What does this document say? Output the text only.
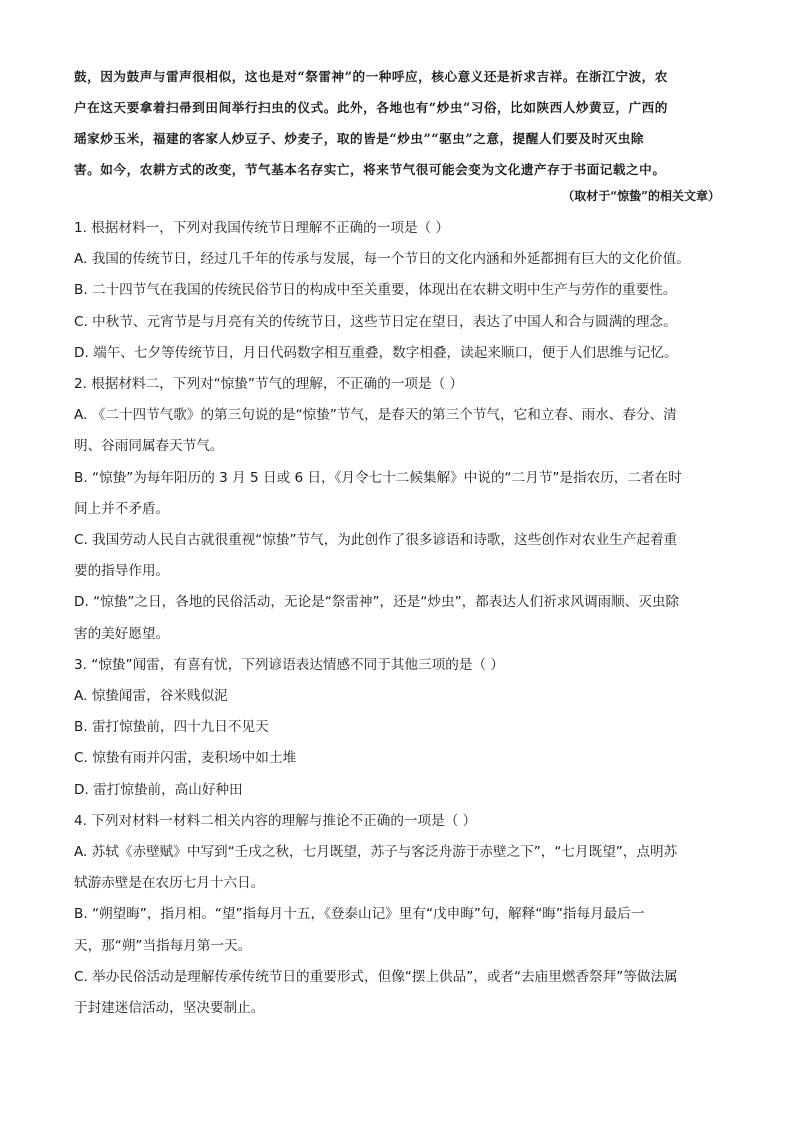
鼓，因为鼓声与雷声很相似，这也是对“祭雷神”的一种呼应，核心意义还是祈求吉祥。在浙江宁波，农
户在这天要拿着扫帚到田间举行扫虫的仪式。此外，各地也有“炒虫”习俗，比如陕西人炒黄豆，广西的
瑶家炒玉米，福建的客家人炒豆子、炒麦子，取的皆是“炒虫”“驱虫”之意，提醒人们要及时灭虫除
害。如今，农耕方式的改变，节气基本名存实亡，将来节气很可能会变为文化遗产存于书面记载之中。
（取材于“惊蛰”的相关文章）
1. 根据材料一，下列对我国传统节日理解不正确的一项是（ ）
A. 我国的传统节日，经过几千年的传承与发展，每一个节日的文化内涵和外延都拥有巨大的文化价值。
B. 二十四节气在我国的传统民俗节日的构成中至关重要，体现出在农耕文明中生产与劳作的重要性。
C. 中秋节、元宵节是与月亮有关的传统节日，这些节日定在望日，表达了中国人和合与圆满的理念。
D. 端午、七夕等传统节日，月日代码数字相互重叠，数字相叠，读起来顺口，便于人们思维与记忆。
2. 根据材料二，下列对“惊蛰”节气的理解，不正确的一项是（ ）
A. 《二十四节气歌》的第三句说的是“惊蛰”节气，是春天的第三个节气，它和立春、雨水、春分、清
明、谷雨同属春天节气。
B. “惊蛰”为每年阳历的 3 月 5 日或 6 日，《月令七十二候集解》中说的“二月节”是指农历，二者在时
间上并不矛盾。
C. 我国劳动人民自古就很重视“惊蛰”节气，为此创作了很多谚语和诗歌，这些创作对农业生产起着重
要的指导作用。
D. “惊蛰”之日，各地的民俗活动，无论是“祭雷神”，还是“炒虫”，都表达人们祈求风调雨顺、灭虫除
害的美好愿望。
3. “惊蛰”闻雷，有喜有忧，下列谚语表达情感不同于其他三项的是（ ）
A. 惊蛰闻雷，谷米贱似泥
B. 雷打惊蛰前，四十九日不见天
C. 惊蛰有雨并闪雷，麦积场中如土堆
D. 雷打惊蛰前，高山好种田
4. 下列对材料一材料二相关内容的理解与推论不正确的一项是（ ）
A. 苏轼《赤壁赋》中写到“壬戌之秋，七月既望，苏子与客泛舟游于赤壁之下”，“七月既望”，点明苏
轼游赤壁是在农历七月十六日。
B. “朔望晦”，指月相。“望”指每月十五，《登泰山记》里有“戊申晦”句，解释“晦”指每月最后一
天，那“朔”当指每月第一天。
C. 举办民俗活动是理解传承传统节日的重要形式，但像“摆上供品”，或者“去庙里燃香祭拜”等做法属
于封建迷信活动，坚决要制止。
